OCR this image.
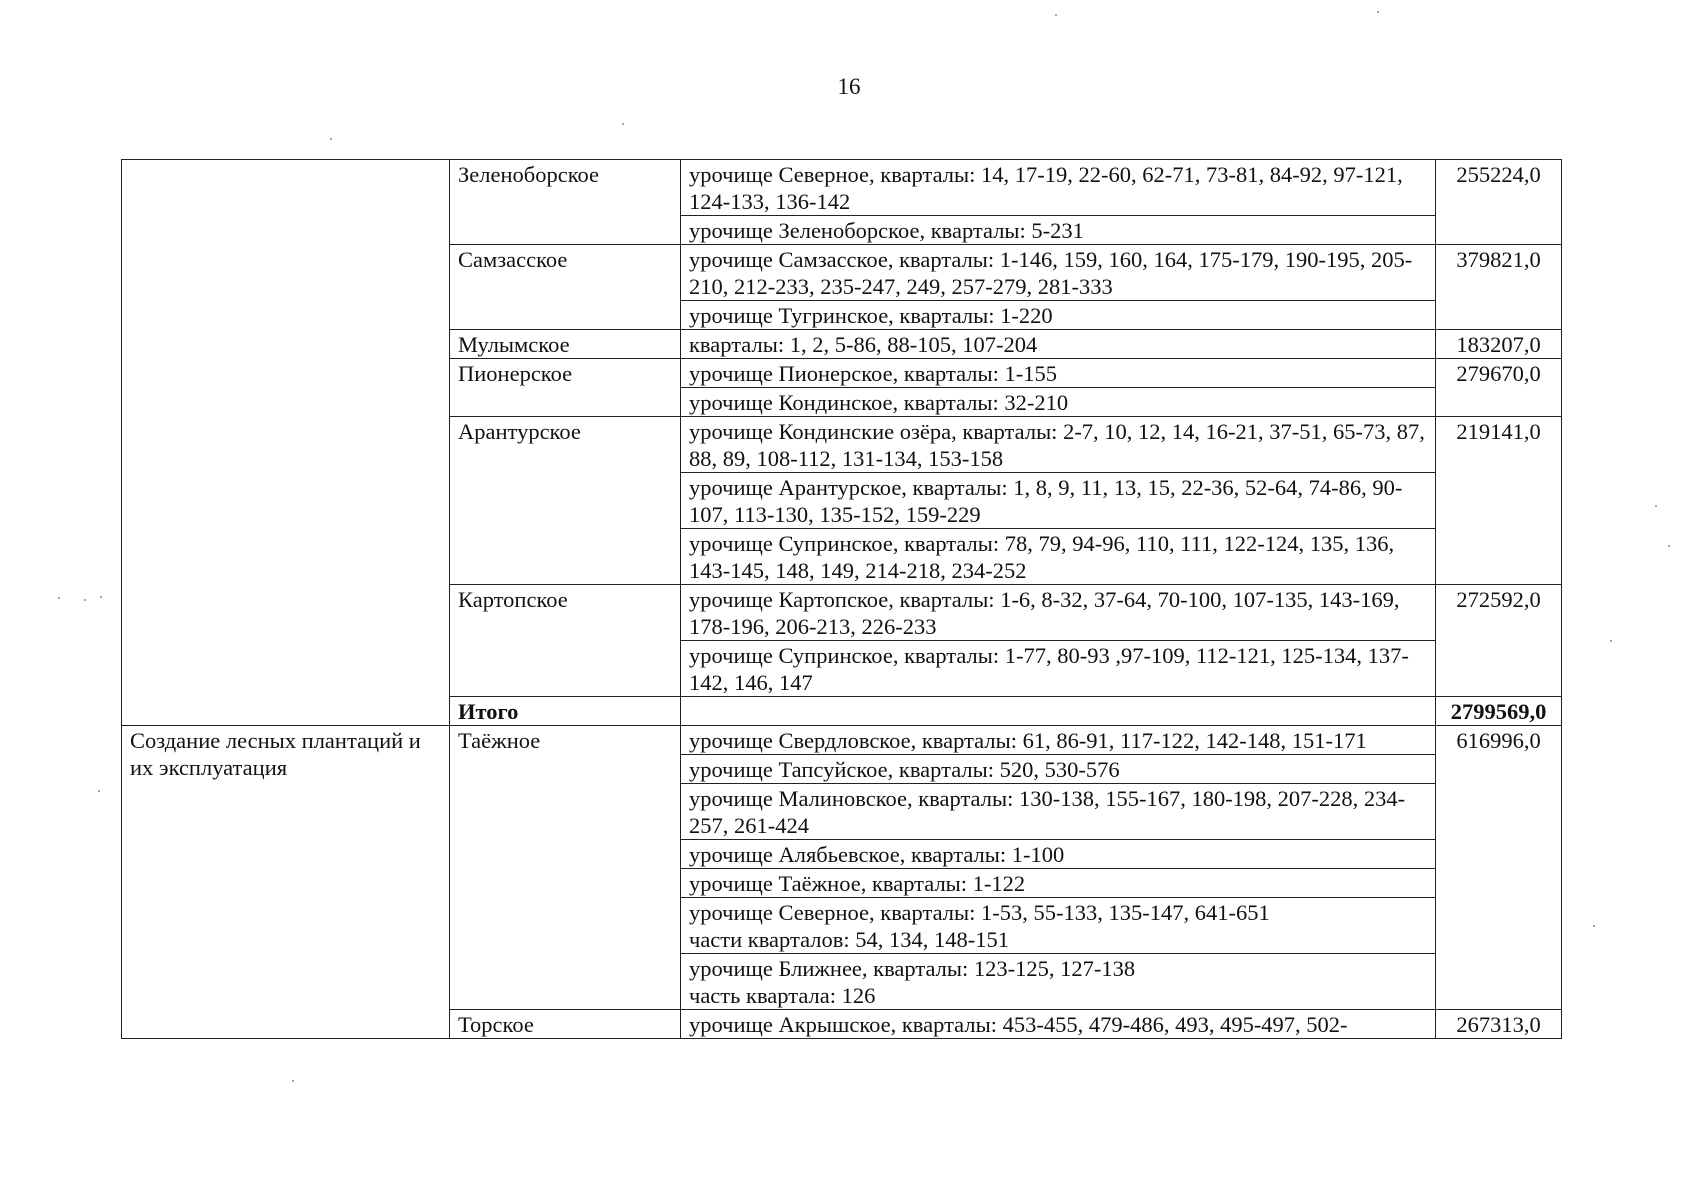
16
	Зеленоборское	урочище Северное, кварталы: 14, 17-19, 22-60, 62-71, 73-81, 84-92, 97-121, 124-133, 136-142	255224,0
		урочище Зеленоборское, кварталы: 5-231	
	Самзасское	урочище Самзасское, кварталы: 1-146, 159, 160, 164, 175-179, 190-195, 205-210, 212-233, 235-247, 249, 257-279, 281-333	379821,0
		урочище Тугринское, кварталы: 1-220	
	Мулымское	кварталы: 1, 2, 5-86, 88-105, 107-204	183207,0
	Пионерское	урочище Пионерское, кварталы: 1-155	279670,0
		урочище Кондинское, кварталы: 32-210	
	Арантурское	урочище Кондинские озёра, кварталы: 2-7, 10, 12, 14, 16-21, 37-51, 65-73, 87, 88, 89, 108-112, 131-134, 153-158	219141,0
		урочище Арантурское, кварталы: 1, 8, 9, 11, 13, 15, 22-36, 52-64, 74-86, 90-107, 113-130, 135-152, 159-229	
		урочище Супринское, кварталы: 78, 79, 94-96, 110, 111, 122-124, 135, 136, 143-145, 148, 149, 214-218, 234-252	
	Картопское	урочище Картопское, кварталы: 1-6, 8-32, 37-64, 70-100, 107-135, 143-169, 178-196, 206-213, 226-233	272592,0
		урочище Супринское, кварталы: 1-77, 80-93 ,97-109, 112-121, 125-134, 137-142, 146, 147	
	Итого		2799569,0
Создание лесных плантаций и их эксплуатация	Таёжное	урочище Свердловское, кварталы: 61, 86-91, 117-122, 142-148, 151-171	616996,0
		урочище Тапсуйское, кварталы: 520, 530-576	
		урочище Малиновское, кварталы: 130-138, 155-167, 180-198, 207-228, 234-257, 261-424	
		урочище Алябьевское, кварталы: 1-100	
		урочище Таёжное, кварталы: 1-122	
		урочище Северное, кварталы: 1-53, 55-133, 135-147, 641-651
части кварталов: 54, 134, 148-151	
		урочище Ближнее, кварталы: 123-125, 127-138
часть квартала: 126	
	Торское	урочище Акрышское, кварталы: 453-455, 479-486, 493, 495-497, 502-	267313,0
